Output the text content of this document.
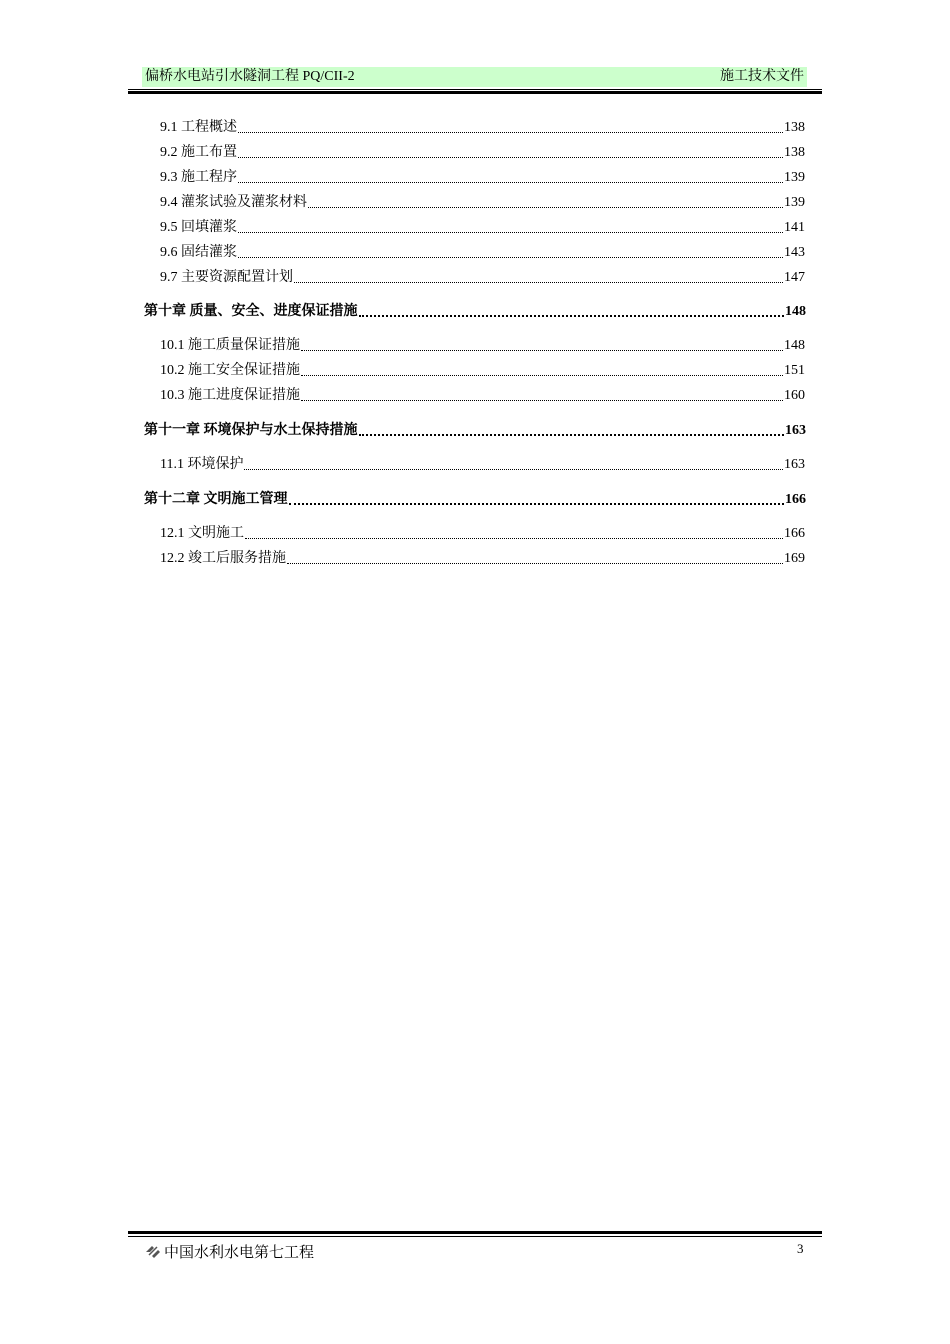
偏桥水电站引水隧洞工程 PQ/CII-2	施工技术文件
9.1 工程概述	138
9.2 施工布置	138
9.3 施工程序	139
9.4 灌浆试验及灌浆材料	139
9.5 回填灌浆	141
9.6 固结灌浆	143
9.7 主要资源配置计划	147
第十章 质量、安全、进度保证措施	148
10.1 施工质量保证措施	148
10.2 施工安全保证措施	151
10.3 施工进度保证措施	160
第十一章 环境保护与水土保持措施	163
11.1 环境保护	163
第十二章 文明施工管理	166
12.1 文明施工	166
12.2 竣工后服务措施	169
中国水利水电第七工程	3
